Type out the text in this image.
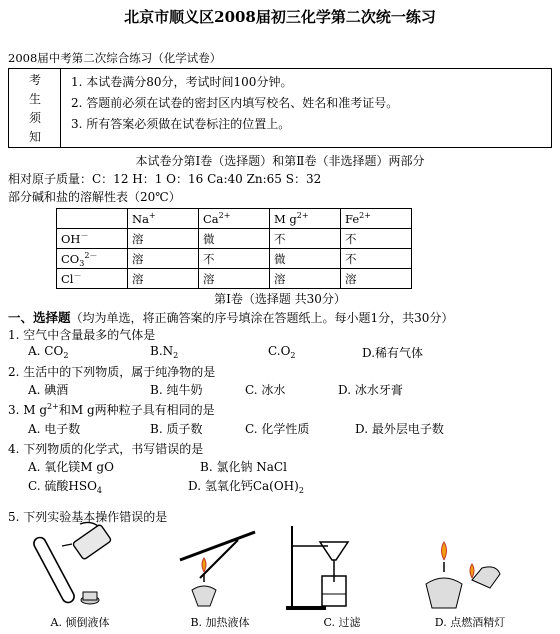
北京市顺义区2008届初三化学第二次统一练习
2008届中考第二次综合练习（化学试卷）
考
生
须
知
1. 本试卷满分80分，考试时间100分钟。
2. 答题前必须在试卷的密封区内填写校名、姓名和准考证号。
3. 所有答案必须做在试卷标注的位置上。
本试卷分第Ⅰ卷（选择题）和第Ⅱ卷（非选择题）两部分
相对原子质量：C：12 H：1 O：16 Ca:40 Zn:65 S：32
部分碱和盐的溶解性表（20℃）
	Na+	$Ca^{2+}$	M $g^{2+}$	$Fe^{2+}$
OH－	溶	微	不	不
$CO_3^{2-}$	溶	不	微	不
Cl－	溶	溶	溶	溶
第Ⅰ卷（选择题 共30分）
一、选择题（均为单选，将正确答案的序号填涂在答题纸上。每小题1分，共30分）
1. 空气中含量最多的气体是
A. $CO_2$	$B.N_2$	$C.O_2$	D.稀有气体
2. 生活中的下列物质，属于纯净物的是
A. 碘酒	B. 纯牛奶	C. 冰水	D. 冰水牙膏
3. M $g^{2+}$和M g两种粒子具有相同的是
A. 电子数	B. 质子数	C. 化学性质	D. 最外层电子数
4. 下列物质的化学式，书写错误的是
A. 氧化镁M gO	B. 氯化钠 NaCl
C. 硫酸$HSO_4$	D. 氢氧化钙$Ca(OH)_2$
5. 下列实验基本操作错误的是
A. 倾倒液体	B. 加热液体	C. 过滤	D. 点燃酒精灯
